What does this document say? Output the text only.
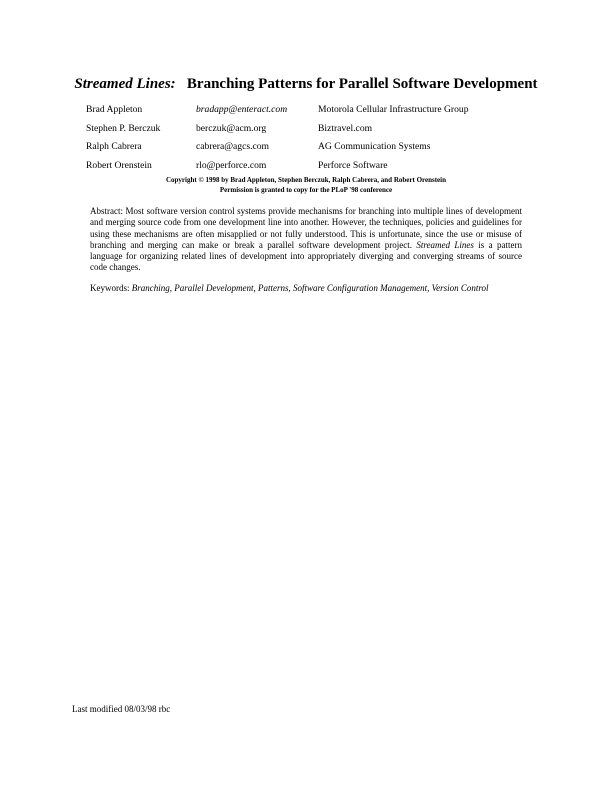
Streamed Lines: Branching Patterns for Parallel Software Development
Brad Appleton	bradapp@enteract.com	Motorola Cellular Infrastructure Group
Stephen P. Berczuk	berczuk@acm.org	Biztravel.com
Ralph Cabrera	cabrera@agcs.com	AG Communication Systems
Robert Orenstein	rlo@perforce.com	Perforce Software
Copyright © 1998 by Brad Appleton, Stephen Berczuk, Ralph Cabrera, and Robert Orenstein
Permission is granted to copy for the PLoP '98 conference
Abstract: Most software version control systems provide mechanisms for branching into multiple lines of development and merging source code from one development line into another. However, the techniques, policies and guidelines for using these mechanisms are often misapplied or not fully understood. This is unfortunate, since the use or misuse of branching and merging can make or break a parallel software development project. Streamed Lines is a pattern language for organizing related lines of development into appropriately diverging and converging streams of source code changes.
Keywords: Branching, Parallel Development, Patterns, Software Configuration Management, Version Control
Last modified 08/03/98 rbc
